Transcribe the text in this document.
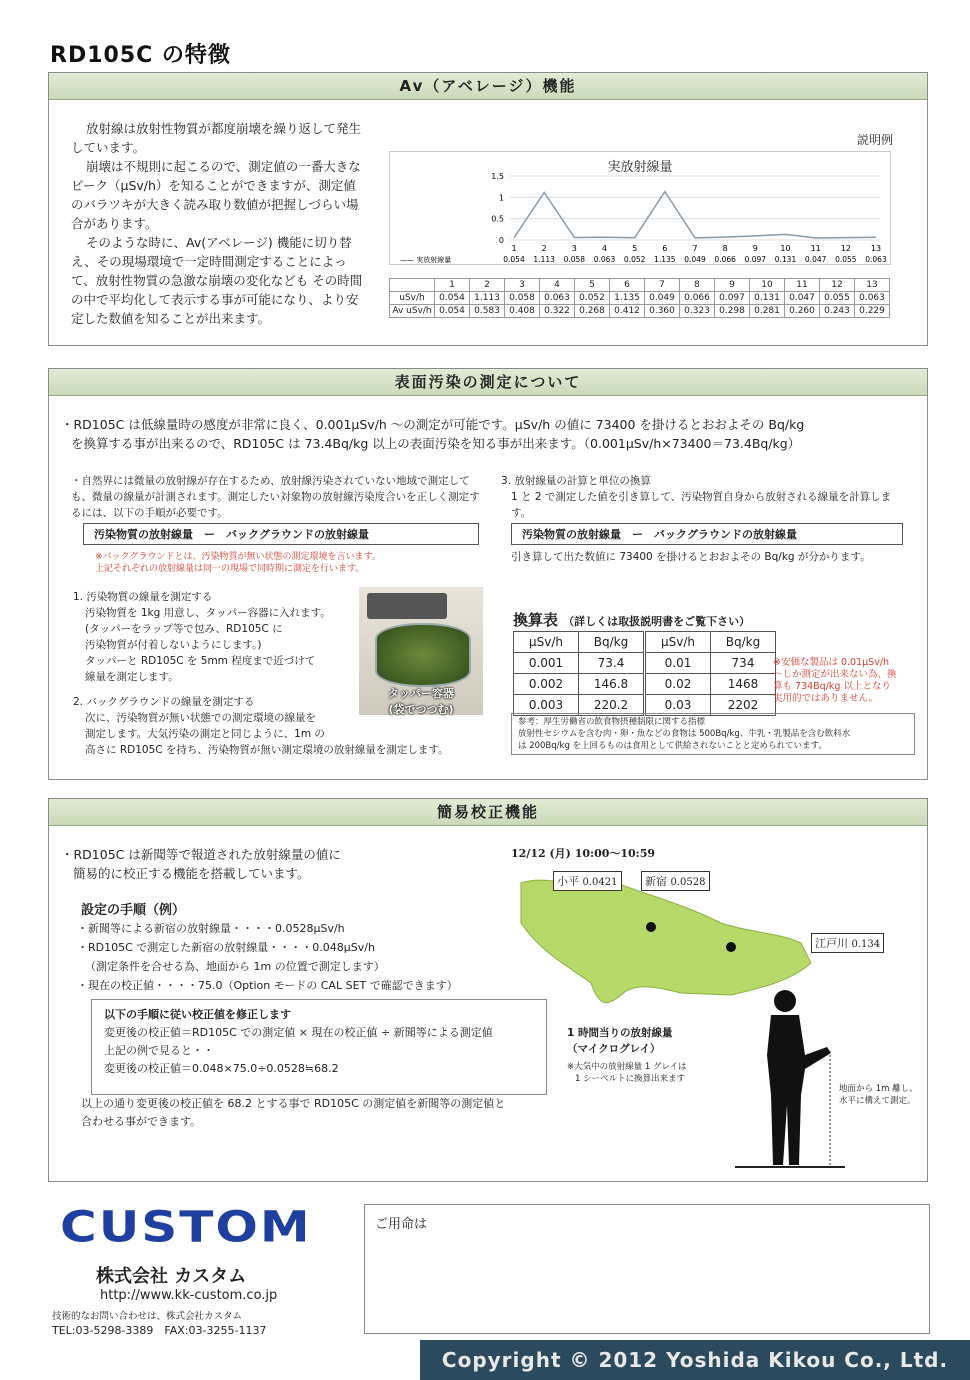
RD105C の特徴
Av（アベレージ）機能
放射線は放射性物質が都度崩壊を繰り返して発生しています。
崩壊は不規則に起こるので、測定値の一番大きなピーク（μSv/h）を知ることができますが、測定値のバラツキが大きく読み取り数値が把握しづらい場合があります。
そのような時に、Av(アベレージ) 機能に切り替え、その現場環境で一定時間測定することによって、放射性物質の急激な崩壊の変化なども その時間の中で平均化して表示する事が可能になり、より安定した数値を知ることが出来ます。
説明例
実放射線量
1.5
1
0.5
0
1	2	3	4	5	6	7	8	9	10 11 12 13
—— 実放射線量	0.054 1.113 0.058 0.063 0.052 1.135 0.049 0.066 0.097 0.131 0.047 0.055 0.063
	1	2	3	4	5	6	7	8	9	10	11	12	13
uSv/h	0.054	1.113	0.058	0.063	0.052	1.135	0.049	0.066	0.097	0.131	0.047	0.055	0.063
Av uSv/h	0.054	0.583	0.408	0.322	0.268	0.412	0.360	0.323	0.298	0.281	0.260	0.243	0.229
表面汚染の測定について
・RD105C は低線量時の感度が非常に良く、0.001μSv/h 〜の測定が可能です。μSv/h の値に 73400 を掛けるとおおよその Bq/kg
を換算する事が出来るので、RD105C は 73.4Bq/kg 以上の表面汚染を知る事が出来ます。（0.001μSv/h×73400＝73.4Bq/kg）
・自然界には微量の放射線が存在するため、放射線汚染されていない地域で測定しても、微量の線量が計測されます。測定したい対象物の放射線汚染度合いを正しく測定するには、以下の手順が必要です。
汚染物質の放射線量　ー　バックグラウンドの放射線量
※バックグラウンドとは、汚染物質が無い状態の測定環境を言います。
上記それぞれの放射線量は同一の現場で同時期に測定を行います。
1. 汚染物質の線量を測定する
汚染物質を 1kg 用意し、タッパー容器に入れます。
(タッパーをラップ等で包み、RD105C に
汚染物質が付着しないようにします。)
タッパーと RD105C を 5mm 程度まで近づけて
線量を測定します。
タッパー容器
(袋でつつむ)
2. バックグラウンドの線量を測定する
次に、汚染物質が無い状態での測定環境の線量を
測定します。大気汚染の測定と同じように、1m の
高さに RD105C を持ち、汚染物質が無い測定環境の放射線量を測定します。
3. 放射線量の計算と単位の換算
1 と 2 で測定した値を引き算して、汚染物質自身から放射される線量を計算します。
汚染物質の放射線量　ー　バックグラウンドの放射線量
引き算して出た数値に 73400 を掛けるとおおよその Bq/kg が分かります。
換算表 （詳しくは取扱説明書をご覧下さい）
μSv/h	Bq/kg
0.001	73.4
0.002	146.8
0.003	220.2
μSv/h	Bq/kg
0.01	734
0.02	1468
0.03	2202
※安価な製品は 0.01μSv/h
〜しか測定が出来ない為、換
算も 734Bq/kg 以上となり
実用的ではありません。
参考：厚生労働省の飲食物摂種制限に関する指標
放射性セシウムを含む肉・卵・魚などの食物は 500Bq/kg、牛乳・乳製品を含む飲料水
は 200Bq/kg を上回るものは食用として供給されないことと定められています。
簡易校正機能
・RD105C は新聞等で報道された放射線量の値に
簡易的に校正する機能を搭載しています。
設定の手順（例）
・新聞等による新宿の放射線量・・・・0.0528μSv/h
・RD105C で測定した新宿の放射線量・・・・0.048μSv/h
（測定条件を合せる為、地面から 1m の位置で測定します）
・現在の校正値・・・・75.0（Option モードの CAL SET で確認できます）
以下の手順に従い校正値を修正します
変更後の校正値＝RD105C での測定値 × 現在の校正値 ÷ 新聞等による測定値
上記の例で見ると・・
変更後の校正値＝0.048×75.0÷0.0528≒68.2
以上の通り変更後の校正値を 68.2 とする事で RD105C の測定値を新聞等の測定値と
合わせる事ができます。
12/12 (月) 10:00〜10:59
小平 0.0421	新宿 0.0528
江戸川 0.134
1 時間当りの放射線量
（マイクログレイ）
※大気中の放射線量 1 グレイは
1 シーベルトに換算出来ます
地面から 1m 離し、
水平に構えて測定。
CUSTOM
株式会社 カスタム
http://www.kk-custom.co.jp
技術的なお問い合わせは、株式会社カスタム
TEL:03-5298-3389　FAX:03-3255-1137
ご用命は
Copyright © 2012 Yoshida Kikou Co., Ltd.
